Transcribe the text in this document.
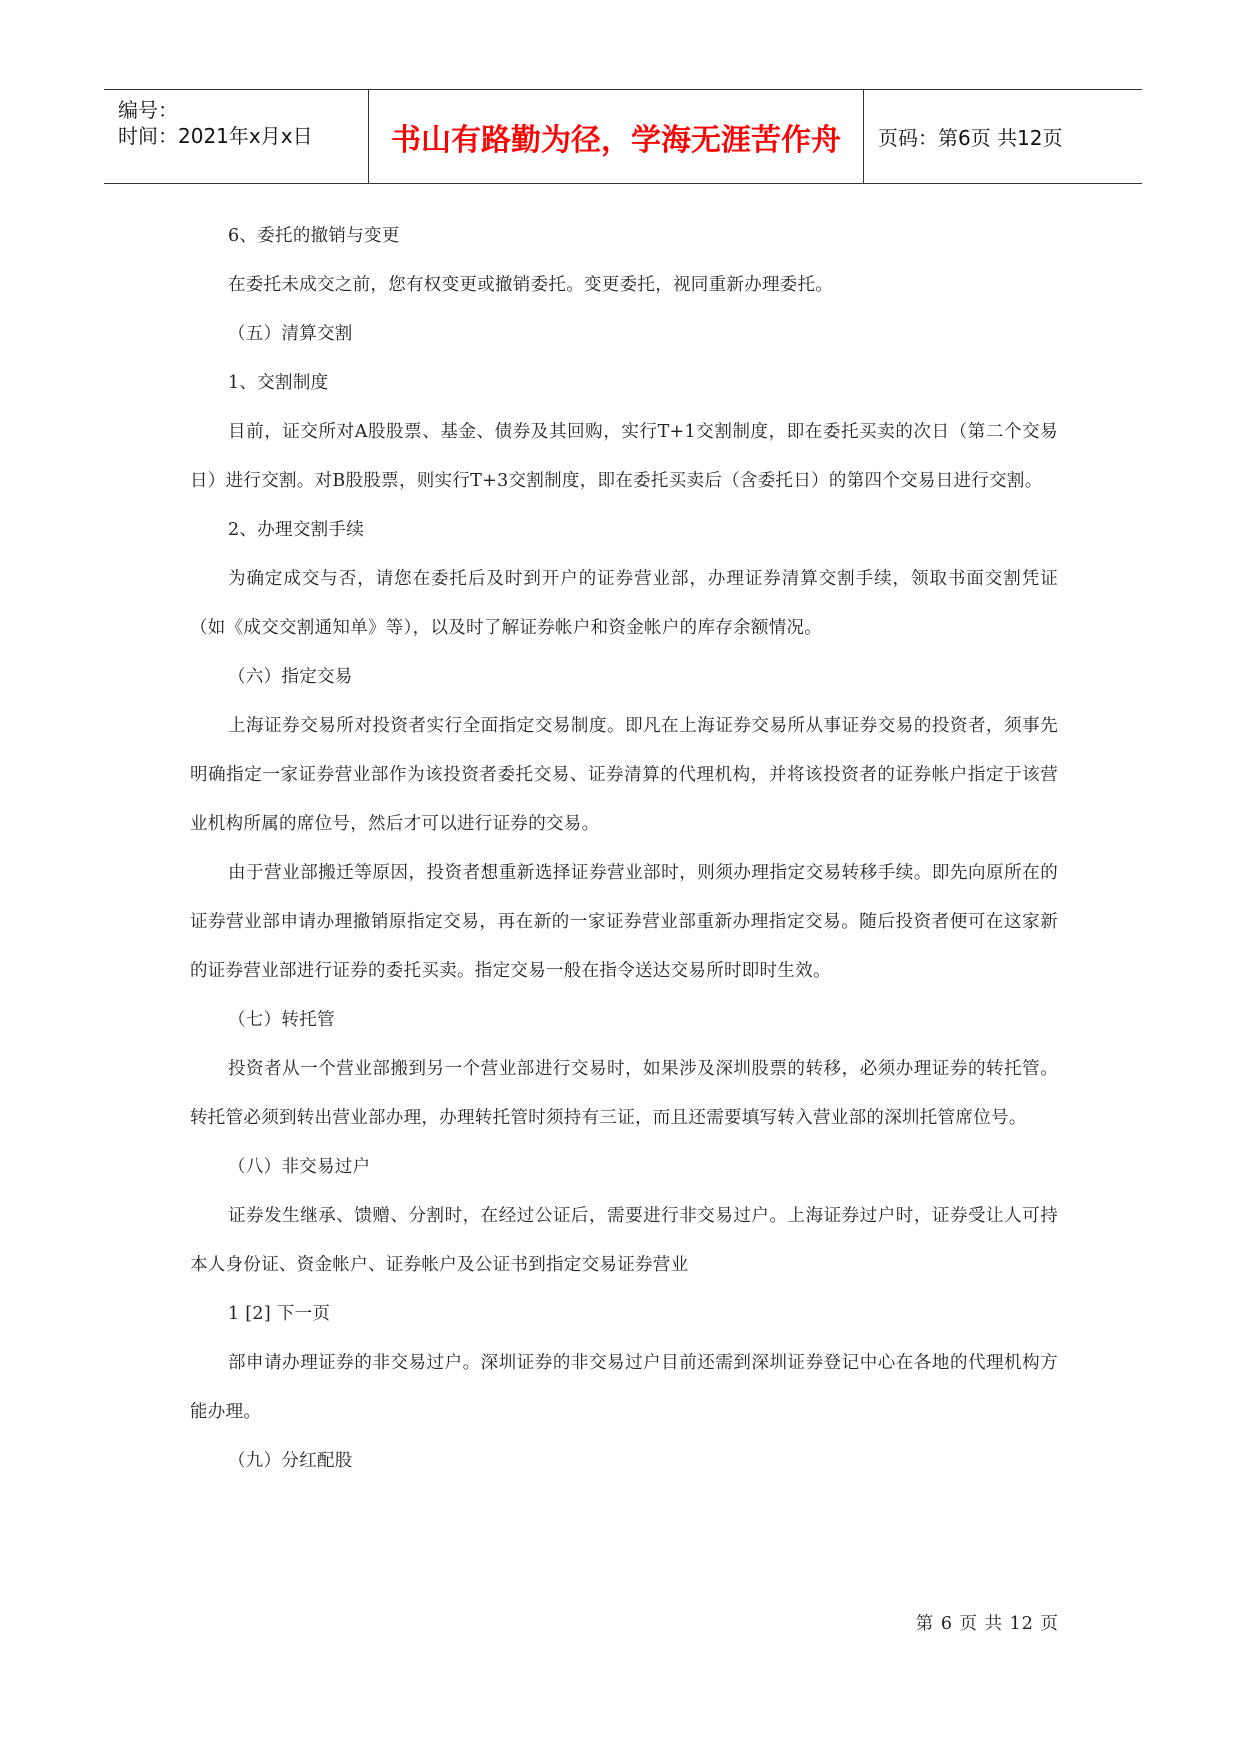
编号：
时间：2021年x月x日	书山有路勤为径，学海无涯苦作舟 页码：第6页 共12页

6、委托的撤销与变更

在委托未成交之前，您有权变更或撤销委托。变更委托，视同重新办理委托。

（五）清算交割

1、交割制度

目前，证交所对A股股票、基金、债券及其回购，实行T+1交割制度，即在委托买卖的次日（第二个交易日）进行交割。对B股股票，则实行T+3交割制度，即在委托买卖后（含委托日）的第四个交易日进行交割。

2、办理交割手续

为确定成交与否，请您在委托后及时到开户的证券营业部，办理证券清算交割手续，领取书面交割凭证（如《成交交割通知单》等），以及时了解证券帐户和资金帐户的库存余额情况。

（六）指定交易

上海证券交易所对投资者实行全面指定交易制度。即凡在上海证券交易所从事证券交易的投资者，须事先明确指定一家证券营业部作为该投资者委托交易、证券清算的代理机构，并将该投资者的证券帐户指定于该营业机构所属的席位号，然后才可以进行证券的交易。

由于营业部搬迁等原因，投资者想重新选择证券营业部时，则须办理指定交易转移手续。即先向原所在的证券营业部申请办理撤销原指定交易，再在新的一家证券营业部重新办理指定交易。随后投资者便可在这家新的证券营业部进行证券的委托买卖。指定交易一般在指令送达交易所时即时生效。

（七）转托管

投资者从一个营业部搬到另一个营业部进行交易时，如果涉及深圳股票的转移，必须办理证券的转托管。转托管必须到转出营业部办理，办理转托管时须持有三证，而且还需要填写转入营业部的深圳托管席位号。

（八）非交易过户

证券发生继承、馈赠、分割时，在经过公证后，需要进行非交易过户。上海证券过户时，证券受让人可持本人身份证、资金帐户、证券帐户及公证书到指定交易证券营业

1 [2] 下一页

部申请办理证券的非交易过户。深圳证券的非交易过户目前还需到深圳证券登记中心在各地的代理机构方能办理。

（九）分红配股

第 6 页 共 12 页
